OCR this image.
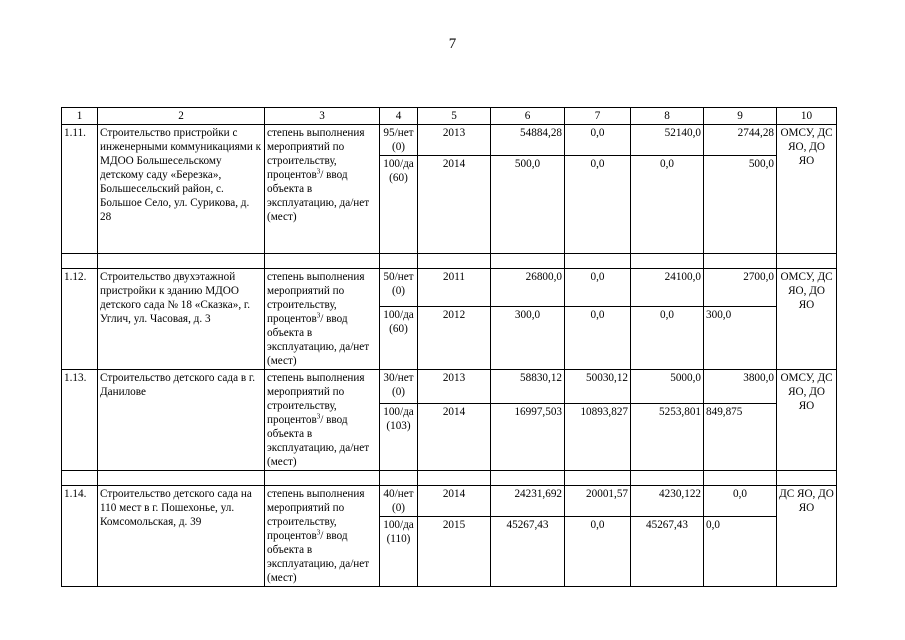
7
1	2	3	4	5	6	7	8	9	10
1.11.	Строительство пристройки с инженерными коммуникациями к МДОО Большесельскому детскому саду «Березка», Большесельский район, с. Большое Село, ул. Сурикова, д. 28	степень выполнения мероприятий по строительству, процентов$^3$/ ввод объекта в эксплуатацию, да/нет (мест)	95/нет (0)	2013	54884,28	0,0	52140,0	2744,28	ОМСУ, ДС ЯО, ДО ЯО
			100/да (60)	2014	500,0	0,0	0,0	500,0	

1.12.	Строительство двухэтажной пристройки к зданию МДОО детского сада № 18 «Сказка», г. Углич, ул. Часовая, д. 3	степень выполнения мероприятий по строительству, процентов$^3$/ ввод объекта в эксплуатацию, да/нет (мест)	50/нет (0)	2011	26800,0	0,0	24100,0	2700,0	ОМСУ, ДС ЯО, ДО ЯО
			100/да (60)	2012	300,0	0,0	0,0	300,0	
1.13.	Строительство детского сада в г. Данилове	степень выполнения мероприятий по строительству, процентов$^3$/ ввод объекта в эксплуатацию, да/нет (мест)	30/нет (0)	2013	58830,12	50030,12	5000,0	3800,0	ОМСУ, ДС ЯО, ДО ЯО
			100/да (103)	2014	16997,503	10893,827	5253,801	849,875	

1.14.	Строительство детского сада на 110 мест в г. Пошехонье, ул. Комсомольская, д. 39	степень выполнения мероприятий по строительству, процентов$^3$/ ввод объекта в эксплуатацию, да/нет (мест)	40/нет (0)	2014	24231,692	20001,57	4230,122	0,0	ДС ЯО, ДО ЯО
			100/да (110)	2015	45267,43	0,0	45267,43	0,0	
